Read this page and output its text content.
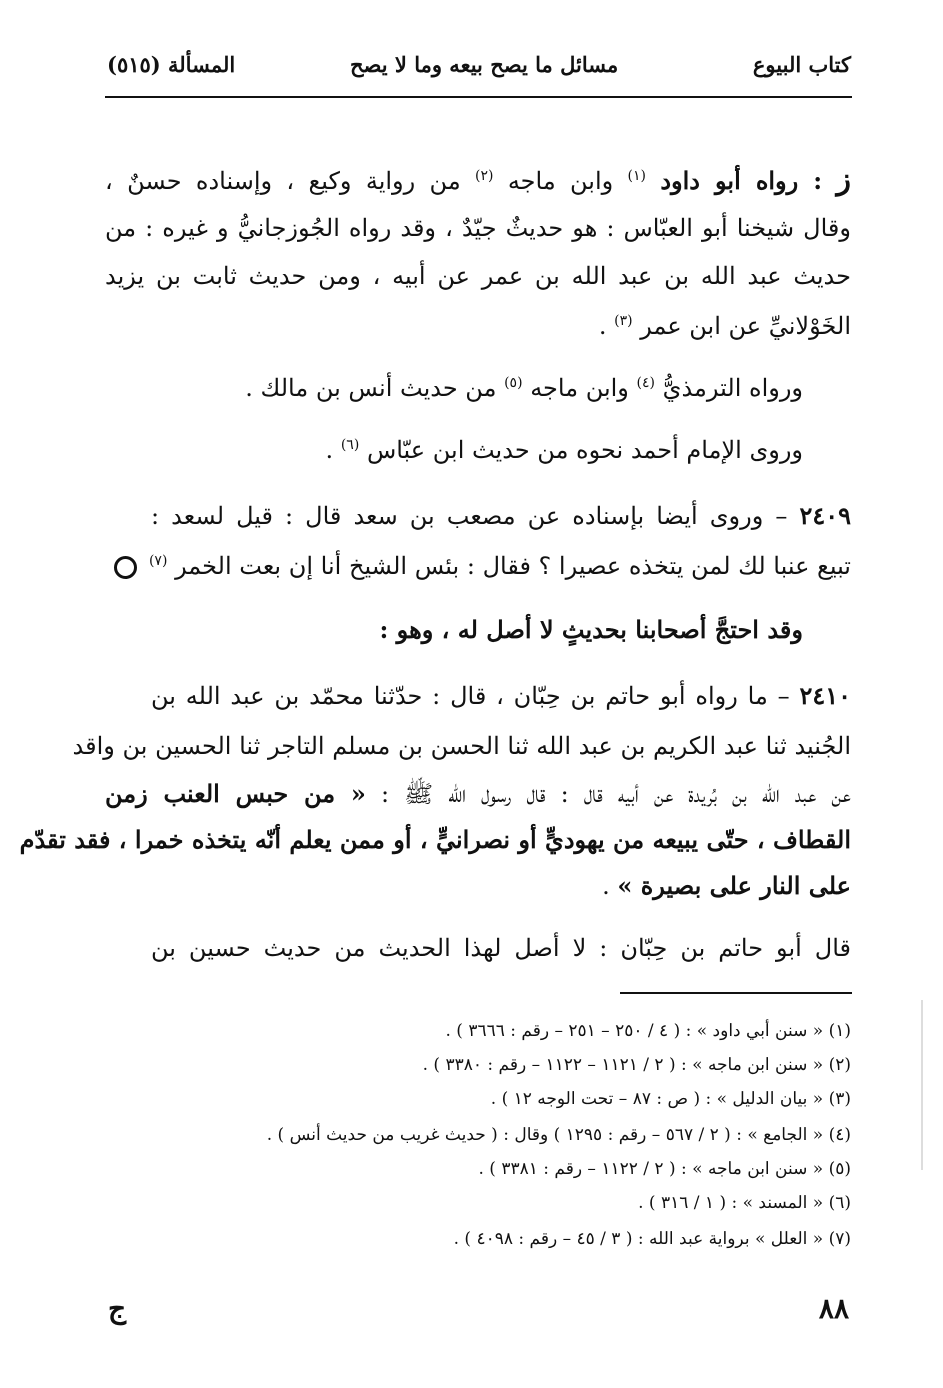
كتاب البيوع
مسائل ما يصح بيعه وما لا يصح
المسألة (٥١٥)
ز : رواه أبو داود $^{(١)}$ وابن ماجه $^{(٢)}$ من رواية وكيع ، وإسناده حسنٌ ،
وقال شيخنا أبو العبّاس : هو حديثٌ جيّدٌ ، وقد رواه الجُوزجانيُّ و غيره : من
حديث عبد الله بن عبد الله بن عمر عن أبيه ، ومن حديث ثابت بن يزيد
الخَوْلانيِّ عن ابن عمر $^{(٣)}$ .
ورواه الترمذيُّ $^{(٤)}$ وابن ماجه $^{(٥)}$ من حديث أنس بن مالك .
وروى الإمام أحمد نحوه من حديث ابن عبّاس $^{(٦)}$ .
٢٤٠٩ – وروى أيضا بإسناده عن مصعب بن سعد قال : قيل لسعد :
تبيع عنبا لك لمن يتخذه عصيرا ؟ فقال : بئس الشيخ أنا إن بعت الخمر $^{(٧)}$
وقد احتجَّ أصحابنا بحديثٍ لا أصل له ، وهو :
٢٤١٠ – ما رواه أبو حاتم بن حِبّان ، قال : حدّثنا محمّد بن عبد الله بن
الجُنيد ثنا عبد الكريم بن عبد الله ثنا الحسن بن مسلم التاجر ثنا الحسين بن واقد
عن عبد الله بن بُريدة عن أبيه قال : قال رسول الله ﷺ : « من حبس العنب زمن
القطاف ، حتّى يبيعه من يهوديٍّ أو نصرانيٍّ ، أو ممن يعلم أنّه يتخذه خمرا ، فقد تقدّم
على النار على بصيرة » .
قال أبو حاتم بن حِبّان : لا أصل لهذا الحديث من حديث حسين بن
(١) « سنن أبي داود » : ( ٤ / ٢٥٠ – ٢٥١ – رقم : ٣٦٦٦ ) .
(٢) « سنن ابن ماجه » : ( ٢ / ١١٢١ – ١١٢٢ – رقم : ٣٣٨٠ ) .
(٣) « بيان الدليل » : ( ص : ٨٧ – تحت الوجه ١٢ ) .
(٤) « الجامع » : ( ٢ / ٥٦٧ – رقم : ١٢٩٥ ) وقال : ( حديث غريب من حديث أنس ) .
(٥) « سنن ابن ماجه » : ( ٢ / ١١٢٢ – رقم : ٣٣٨١ ) .
(٦) « المسند » : ( ١ / ٣١٦ ) .
(٧) « العلل » برواية عبد الله : ( ٣ / ٤٥ – رقم : ٤٠٩٨ ) .
٨٨
ج
